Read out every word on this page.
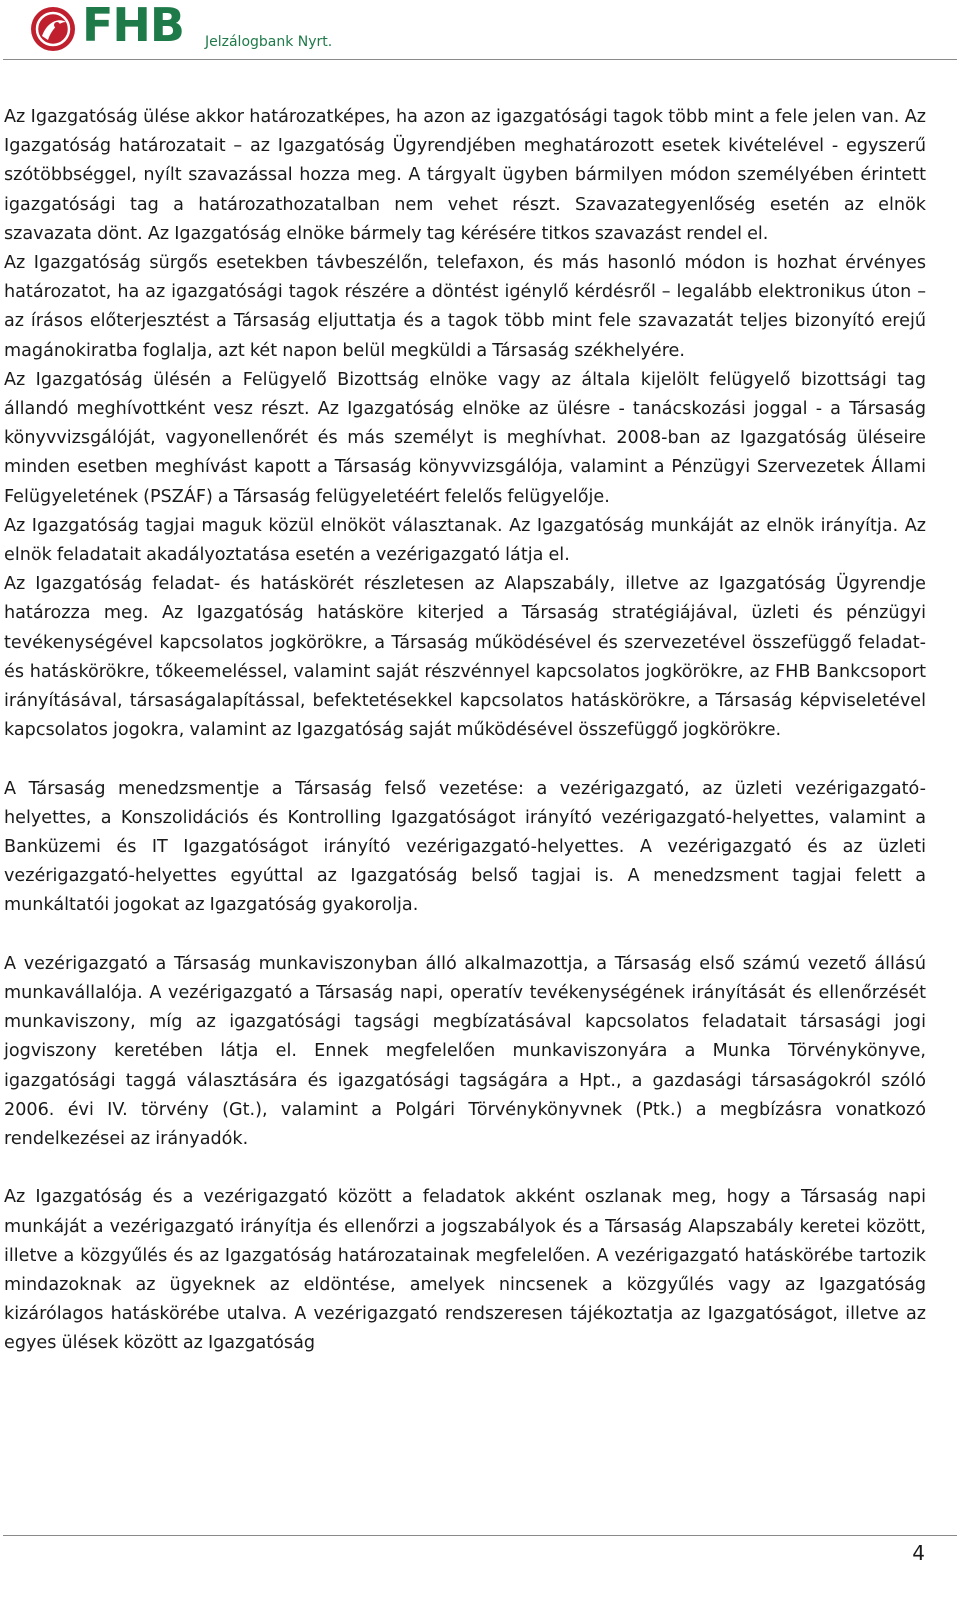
FHB Jelzálogbank Nyrt.

Az Igazgatóság ülése akkor határozatképes, ha azon az igazgatósági tagok több mint a fele jelen van. Az Igazgatóság határozatait – az Igazgatóság Ügyrendjében meghatározott esetek kivételével - egyszerű szótöbbséggel, nyílt szavazással hozza meg. A tárgyalt ügyben bármilyen módon személyében érintett igazgatósági tag a határozathozatalban nem vehet részt. Szavazategyenlőség esetén az elnök szavazata dönt. Az Igazgatóság elnöke bármely tag kérésére titkos szavazást rendel el.

Az Igazgatóság sürgős esetekben távbeszélőn, telefaxon, és más hasonló módon is hozhat érvényes határozatot, ha az igazgatósági tagok részére a döntést igénylő kérdésről – legalább elektronikus úton – az írásos előterjesztést a Társaság eljuttatja és a tagok több mint fele szavazatát teljes bizonyító erejű magánokiratba foglalja, azt két napon belül megküldi a Társaság székhelyére.

Az Igazgatóság ülésén a Felügyelő Bizottság elnöke vagy az általa kijelölt felügyelő bizottsági tag állandó meghívottként vesz részt. Az Igazgatóság elnöke az ülésre - tanácskozási joggal - a Társaság könyvvizsgálóját, vagyonellenőrét és más személyt is meghívhat. 2008-ban az Igazgatóság üléseire minden esetben meghívást kapott a Társaság könyvvizsgálója, valamint a Pénzügyi Szervezetek Állami Felügyeletének (PSZÁF) a Társaság felügyeletéért felelős felügyelője.

Az Igazgatóság tagjai maguk közül elnököt választanak. Az Igazgatóság munkáját az elnök irányítja. Az elnök feladatait akadályoztatása esetén a vezérigazgató látja el.

Az Igazgatóság feladat- és hatáskörét részletesen az Alapszabály, illetve az Igazgatóság Ügyrendje határozza meg. Az Igazgatóság hatásköre kiterjed a Társaság stratégiájával, üzleti és pénzügyi tevékenységével kapcsolatos jogkörökre, a Társaság működésével és szervezetével összefüggő feladat- és hatáskörökre, tőkeemeléssel, valamint saját részvénnyel kapcsolatos jogkörökre, az FHB Bankcsoport irányításával, társaságalapítással, befektetésekkel kapcsolatos hatáskörökre, a Társaság képviseletével kapcsolatos jogokra, valamint az Igazgatóság saját működésével összefüggő jogkörökre.

A Társaság menedzsmentje a Társaság felső vezetése: a vezérigazgató, az üzleti vezérigazgató-helyettes, a Konszolidációs és Kontrolling Igazgatóságot irányító vezérigazgató-helyettes, valamint a Banküzemi és IT Igazgatóságot irányító vezérigazgató-helyettes. A vezérigazgató és az üzleti vezérigazgató-helyettes egyúttal az Igazgatóság belső tagjai is. A menedzsment tagjai felett a munkáltatói jogokat az Igazgatóság gyakorolja.

A vezérigazgató a Társaság munkaviszonyban álló alkalmazottja, a Társaság első számú vezető állású munkavállalója. A vezérigazgató a Társaság napi, operatív tevékenységének irányítását és ellenőrzését munkaviszony, míg az igazgatósági tagsági megbízatásával kapcsolatos feladatait társasági jogi jogviszony keretében látja el. Ennek megfelelően munkaviszonyára a Munka Törvénykönyve, igazgatósági taggá választására és igazgatósági tagságára a Hpt., a gazdasági társaságokról szóló 2006. évi IV. törvény (Gt.), valamint a Polgári Törvénykönyvnek (Ptk.) a megbízásra vonatkozó rendelkezései az irányadók.

Az Igazgatóság és a vezérigazgató között a feladatok akként oszlanak meg, hogy a Társaság napi munkáját a vezérigazgató irányítja és ellenőrzi a jogszabályok és a Társaság Alapszabály keretei között, illetve a közgyűlés és az Igazgatóság határozatainak megfelelően. A vezérigazgató hatáskörébe tartozik mindazoknak az ügyeknek az eldöntése, amelyek nincsenek a közgyűlés vagy az Igazgatóság kizárólagos hatáskörébe utalva. A vezérigazgató rendszeresen tájékoztatja az Igazgatóságot, illetve az egyes ülések között az Igazgatóság

4
